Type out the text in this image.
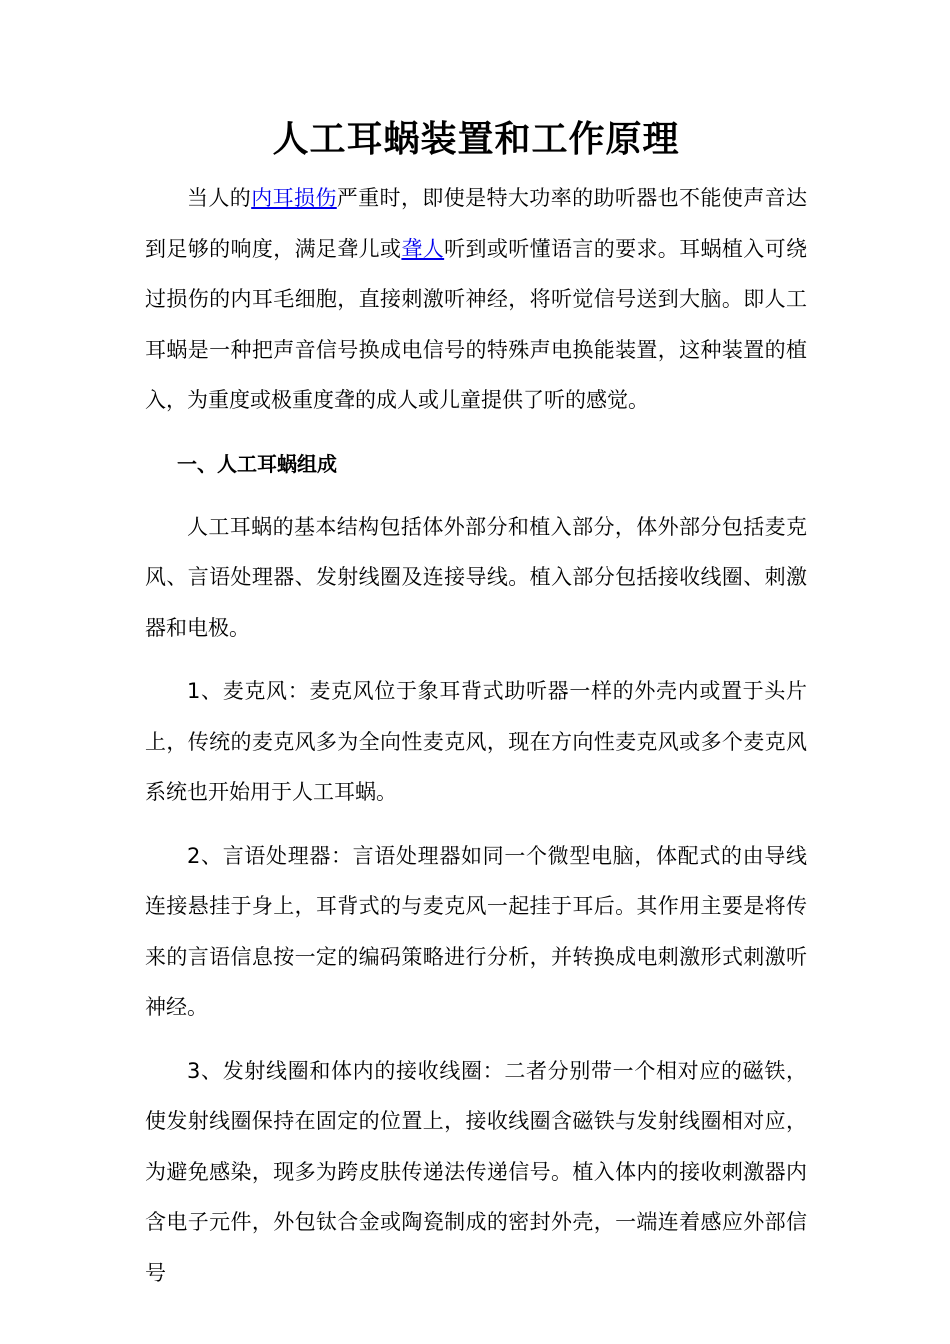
人工耳蜗装置和工作原理

当人的内耳损伤严重时，即使是特大功率的助听器也不能使声音达到足够的响度，满足聋儿或聋人听到或听懂语言的要求。耳蜗植入可绕过损伤的内耳毛细胞，直接刺激听神经，将听觉信号送到大脑。即人工耳蜗是一种把声音信号换成电信号的特殊声电换能装置，这种装置的植入，为重度或极重度聋的成人或儿童提供了听的感觉。

一、人工耳蜗组成

人工耳蜗的基本结构包括体外部分和植入部分，体外部分包括麦克风、言语处理器、发射线圈及连接导线。植入部分包括接收线圈、刺激器和电极。

1、麦克风：麦克风位于象耳背式助听器一样的外壳内或置于头片上，传统的麦克风多为全向性麦克风，现在方向性麦克风或多个麦克风系统也开始用于人工耳蜗。

2、言语处理器：言语处理器如同一个微型电脑，体配式的由导线连接悬挂于身上，耳背式的与麦克风一起挂于耳后。其作用主要是将传来的言语信息按一定的编码策略进行分析，并转换成电刺激形式刺激听神经。

3、发射线圈和体内的接收线圈：二者分别带一个相对应的磁铁，使发射线圈保持在固定的位置上，接收线圈含磁铁与发射线圈相对应，为避免感染，现多为跨皮肤传递法传递信号。植入体内的接收刺激器内含电子元件，外包钛合金或陶瓷制成的密封外壳，一端连着感应外部信号
